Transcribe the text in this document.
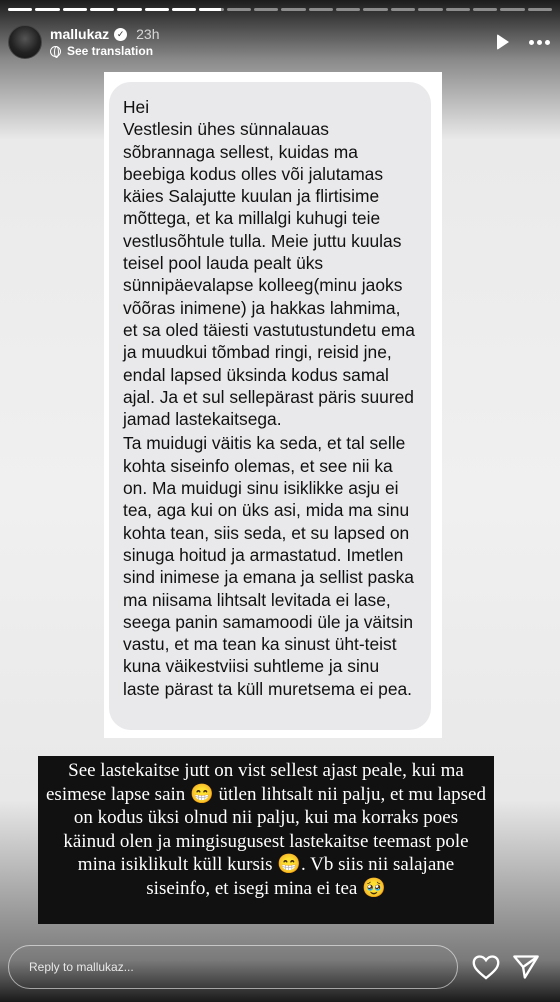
mallukaz ✓ 23h
See translation

Hei
Vestlesin ühes sünnalauas sõbrannaga sellest, kuidas ma beebiga kodus olles või jalutamas käies Salajutte kuulan ja flirtisime mõttega, et ka millalgi kuhugi teie vestlusõhtule tulla. Meie juttu kuulas teisel pool lauda pealt üks sünnipäevalapse kolleeg(minu jaoks võõras inimene) ja hakkas lahmima, et sa oled täiesti vastutustundetu ema ja muudkui tõmbad ringi, reisid jne, endal lapsed üksinda kodus samal ajal. Ja et sul sellepärast päris suured jamad lastekaitsega.

Ta muidugi väitis ka seda, et tal selle kohta siseinfo olemas, et see nii ka on. Ma muidugi sinu isiklikke asju ei tea, aga kui on üks asi, mida ma sinu kohta tean, siis seda, et su lapsed on sinuga hoitud ja armastatud. Imetlen sind inimese ja emana ja sellist paska ma niisama lihtsalt levitada ei lase, seega panin samamoodi üle ja väitsin vastu, et ma tean ka sinust üht-teist kuna väikestviisi suhtleme ja sinu laste pärast ta küll muretsema ei pea.

See lastekaitse jutt on vist sellest ajast peale, kui ma esimese lapse sain 😁 ütlen lihtsalt nii palju, et mu lapsed on kodus üksi olnud nii palju, kui ma korraks poes käinud olen ja mingisugusest lastekaitse teemast pole mina isiklikult küll kursis 😁. Vb siis nii salajane siseinfo, et isegi mina ei tea 🥹
Reply to mallukaz...
